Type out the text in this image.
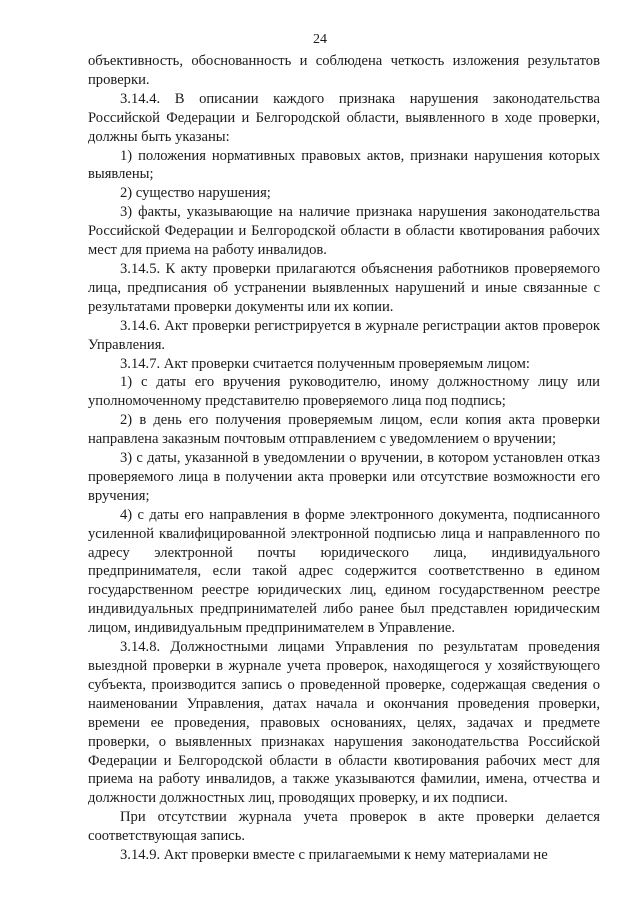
24

объективность, обоснованность и соблюдена четкость изложения результатов проверки.

3.14.4. В описании каждого признака нарушения законодательства Российской Федерации и Белгородской области, выявленного в ходе проверки, должны быть указаны:

1) положения нормативных правовых актов, признаки нарушения которых выявлены;

2) существо нарушения;

3) факты, указывающие на наличие признака нарушения законодательства Российской Федерации и Белгородской области в области квотирования рабочих мест для приема на работу инвалидов.

3.14.5. К акту проверки прилагаются объяснения работников проверяемого лица, предписания об устранении выявленных нарушений и иные связанные с результатами проверки документы или их копии.

3.14.6. Акт проверки регистрируется в журнале регистрации актов проверок Управления.

3.14.7. Акт проверки считается полученным проверяемым лицом:

1) с даты его вручения руководителю, иному должностному лицу или уполномоченному представителю проверяемого лица под подпись;

2) в день его получения проверяемым лицом, если копия акта проверки направлена заказным почтовым отправлением с уведомлением о вручении;

3) с даты, указанной в уведомлении о вручении, в котором установлен отказ проверяемого лица в получении акта проверки или отсутствие возможности его вручения;

4) с даты его направления в форме электронного документа, подписанного усиленной квалифицированной электронной подписью лица и направленного по адресу электронной почты юридического лица, индивидуального предпринимателя, если такой адрес содержится соответственно в едином государственном реестре юридических лиц, едином государственном реестре индивидуальных предпринимателей либо ранее был представлен юридическим лицом, индивидуальным предпринимателем в Управление.

3.14.8. Должностными лицами Управления по результатам проведения выездной проверки в журнале учета проверок, находящегося у хозяйствующего субъекта, производится запись о проведенной проверке, содержащая сведения о наименовании Управления, датах начала и окончания проведения проверки, времени ее проведения, правовых основаниях, целях, задачах и предмете проверки, о выявленных признаках нарушения законодательства Российской Федерации и Белгородской области в области квотирования рабочих мест для приема на работу инвалидов, а также указываются фамилии, имена, отчества и должности должностных лиц, проводящих проверку, и их подписи.

При отсутствии журнала учета проверок в акте проверки делается соответствующая запись.

3.14.9. Акт проверки вместе с прилагаемыми к нему материалами не
